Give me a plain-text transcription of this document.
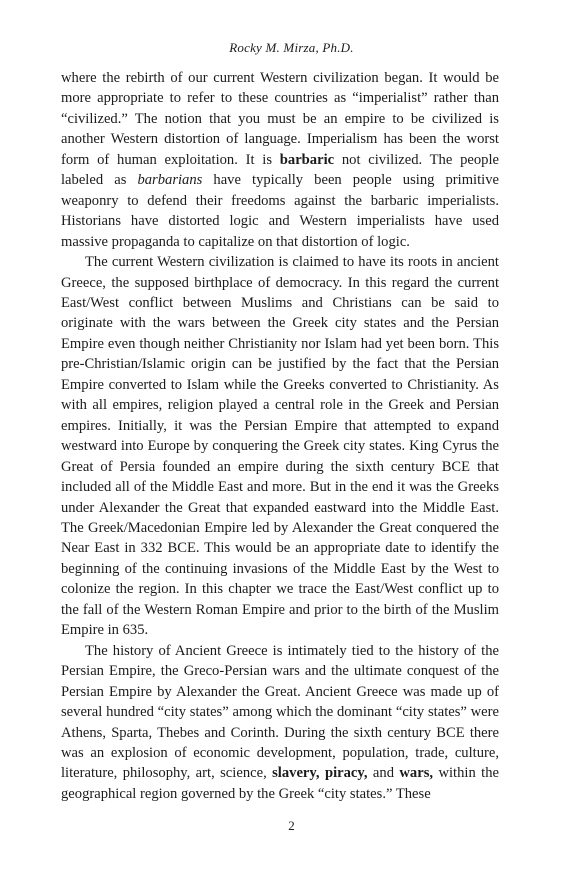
Rocky M. Mirza, Ph.D.

where the rebirth of our current Western civilization began. It would be more appropriate to refer to these countries as “imperialist” rather than “civilized.” The notion that you must be an empire to be civilized is another Western distortion of language. Imperialism has been the worst form of human exploitation. It is barbaric not civilized. The people labeled as barbarians have typically been people using primitive weaponry to defend their freedoms against the barbaric imperialists. Historians have distorted logic and Western imperialists have used massive propaganda to capitalize on that distortion of logic.

The current Western civilization is claimed to have its roots in ancient Greece, the supposed birthplace of democracy. In this regard the current East/West conflict between Muslims and Christians can be said to originate with the wars between the Greek city states and the Persian Empire even though neither Christianity nor Islam had yet been born. This pre-Christian/Islamic origin can be justified by the fact that the Persian Empire converted to Islam while the Greeks converted to Christianity. As with all empires, religion played a central role in the Greek and Persian empires. Initially, it was the Persian Empire that attempted to expand westward into Europe by conquering the Greek city states. King Cyrus the Great of Persia founded an empire during the sixth century BCE that included all of the Middle East and more. But in the end it was the Greeks under Alexander the Great that expanded eastward into the Middle East. The Greek/Macedonian Empire led by Alexander the Great conquered the Near East in 332 BCE. This would be an appropriate date to identify the beginning of the continuing invasions of the Middle East by the West to colonize the region. In this chapter we trace the East/West conflict up to the fall of the Western Roman Empire and prior to the birth of the Muslim Empire in 635.

The history of Ancient Greece is intimately tied to the history of the Persian Empire, the Greco-Persian wars and the ultimate conquest of the Persian Empire by Alexander the Great. Ancient Greece was made up of several hundred “city states” among which the dominant “city states” were Athens, Sparta, Thebes and Corinth. During the sixth century BCE there was an explosion of economic development, population, trade, culture, literature, philosophy, art, science, slavery, piracy, and wars, within the geographical region governed by the Greek “city states.” These

2
